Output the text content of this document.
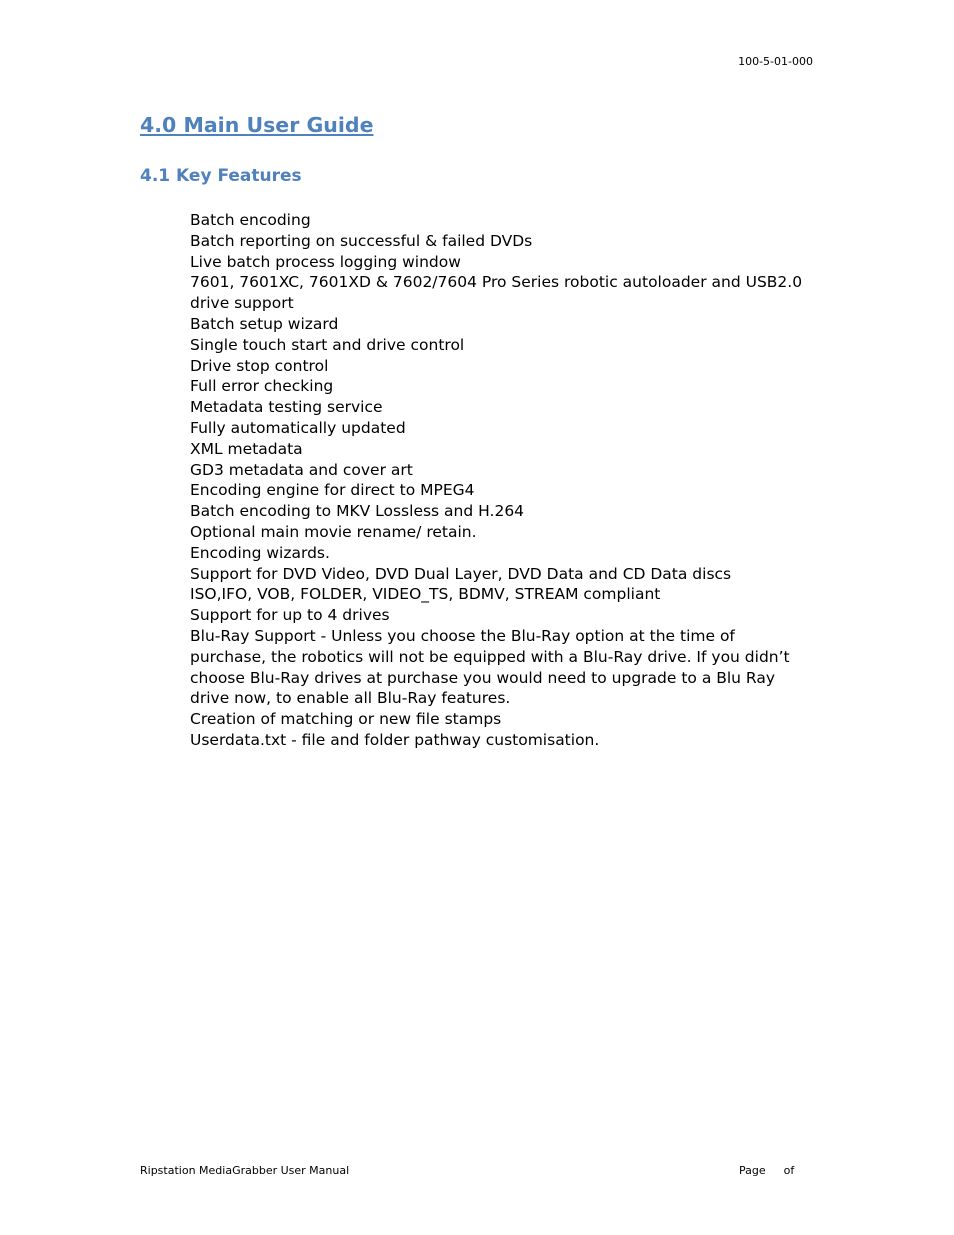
100-5-01-000
4.0 Main User Guide
4.1 Key Features
Batch encoding
Batch reporting on successful & failed DVDs
Live batch process logging window
7601, 7601XC, 7601XD & 7602/7604 Pro Series robotic autoloader and USB2.0 drive support
Batch setup wizard
Single touch start and drive control
Drive stop control
Full error checking
Metadata testing service
Fully automatically updated
XML metadata
GD3 metadata and cover art
Encoding engine for direct to MPEG4
Batch encoding to MKV Lossless and H.264
Optional main movie rename/ retain.
Encoding wizards.
Support for DVD Video, DVD Dual Layer, DVD Data and CD Data discs
ISO,IFO, VOB, FOLDER, VIDEO_TS, BDMV, STREAM compliant
Support for up to 4 drives
Blu-Ray Support - Unless you choose the Blu-Ray option at the time of purchase, the robotics will not be equipped with a Blu-Ray drive. If you didn’t choose Blu-Ray drives at purchase you would need to upgrade to a Blu Ray drive now, to enable all Blu-Ray features.
Creation of matching or new file stamps
Userdata.txt - file and folder pathway customisation.
Ripstation MediaGrabber User Manual	Page of
